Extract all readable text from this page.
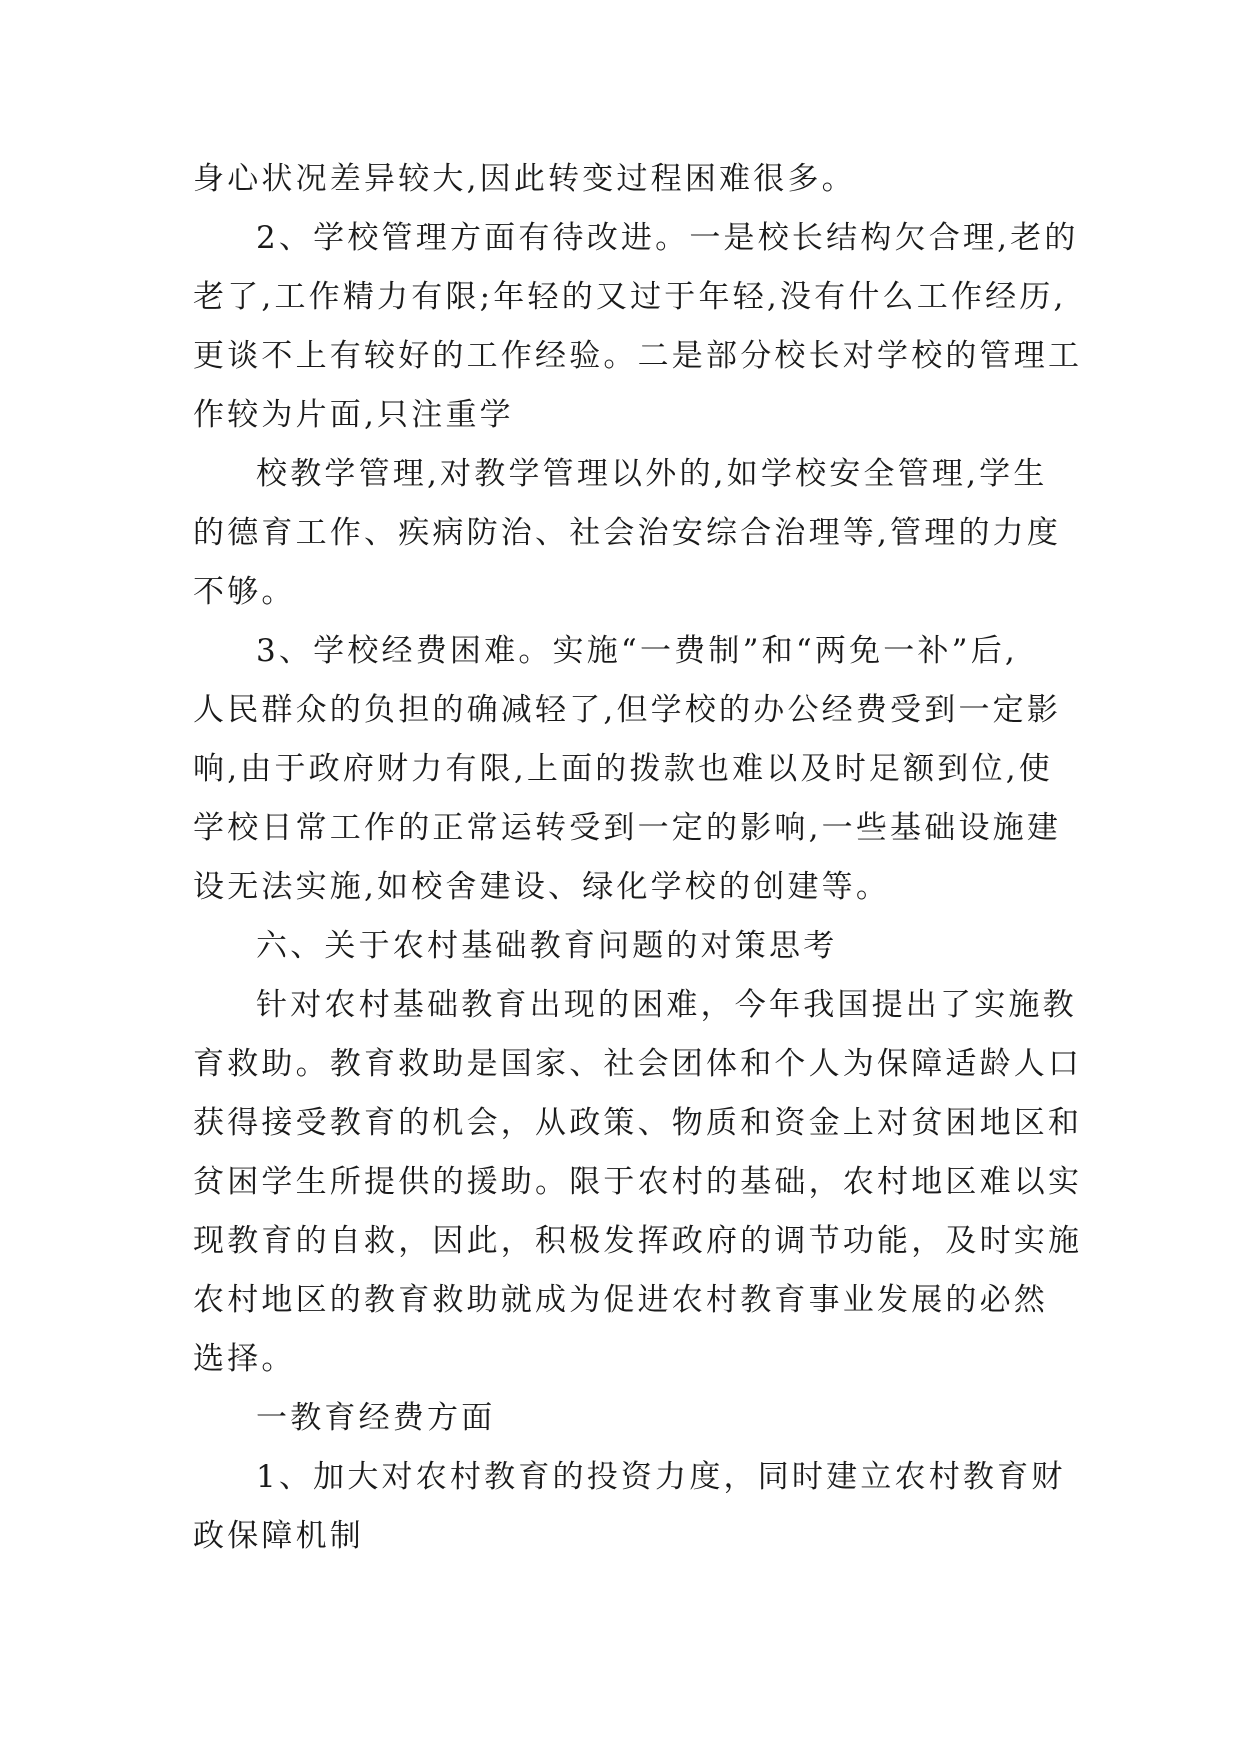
身心状况差异较大,因此转变过程困难很多。
2、学校管理方面有待改进。一是校长结构欠合理,老的
老了,工作精力有限;年轻的又过于年轻,没有什么工作经历,
更谈不上有较好的工作经验。二是部分校长对学校的管理工
作较为片面,只注重学
校教学管理,对教学管理以外的,如学校安全管理,学生
的德育工作、疾病防治、社会治安综合治理等,管理的力度
不够。
3、学校经费困难。实施“一费制”和“两免一补”后,
人民群众的负担的确减轻了,但学校的办公经费受到一定影
响,由于政府财力有限,上面的拨款也难以及时足额到位,使
学校日常工作的正常运转受到一定的影响,一些基础设施建
设无法实施,如校舍建设、绿化学校的创建等。
六、关于农村基础教育问题的对策思考
针对农村基础教育出现的困难，今年我国提出了实施教
育救助。教育救助是国家、社会团体和个人为保障适龄人口
获得接受教育的机会，从政策、物质和资金上对贫困地区和
贫困学生所提供的援助。限于农村的基础，农村地区难以实
现教育的自救，因此，积极发挥政府的调节功能，及时实施
农村地区的教育救助就成为促进农村教育事业发展的必然
选择。
一教育经费方面
1、加大对农村教育的投资力度，同时建立农村教育财
政保障机制
